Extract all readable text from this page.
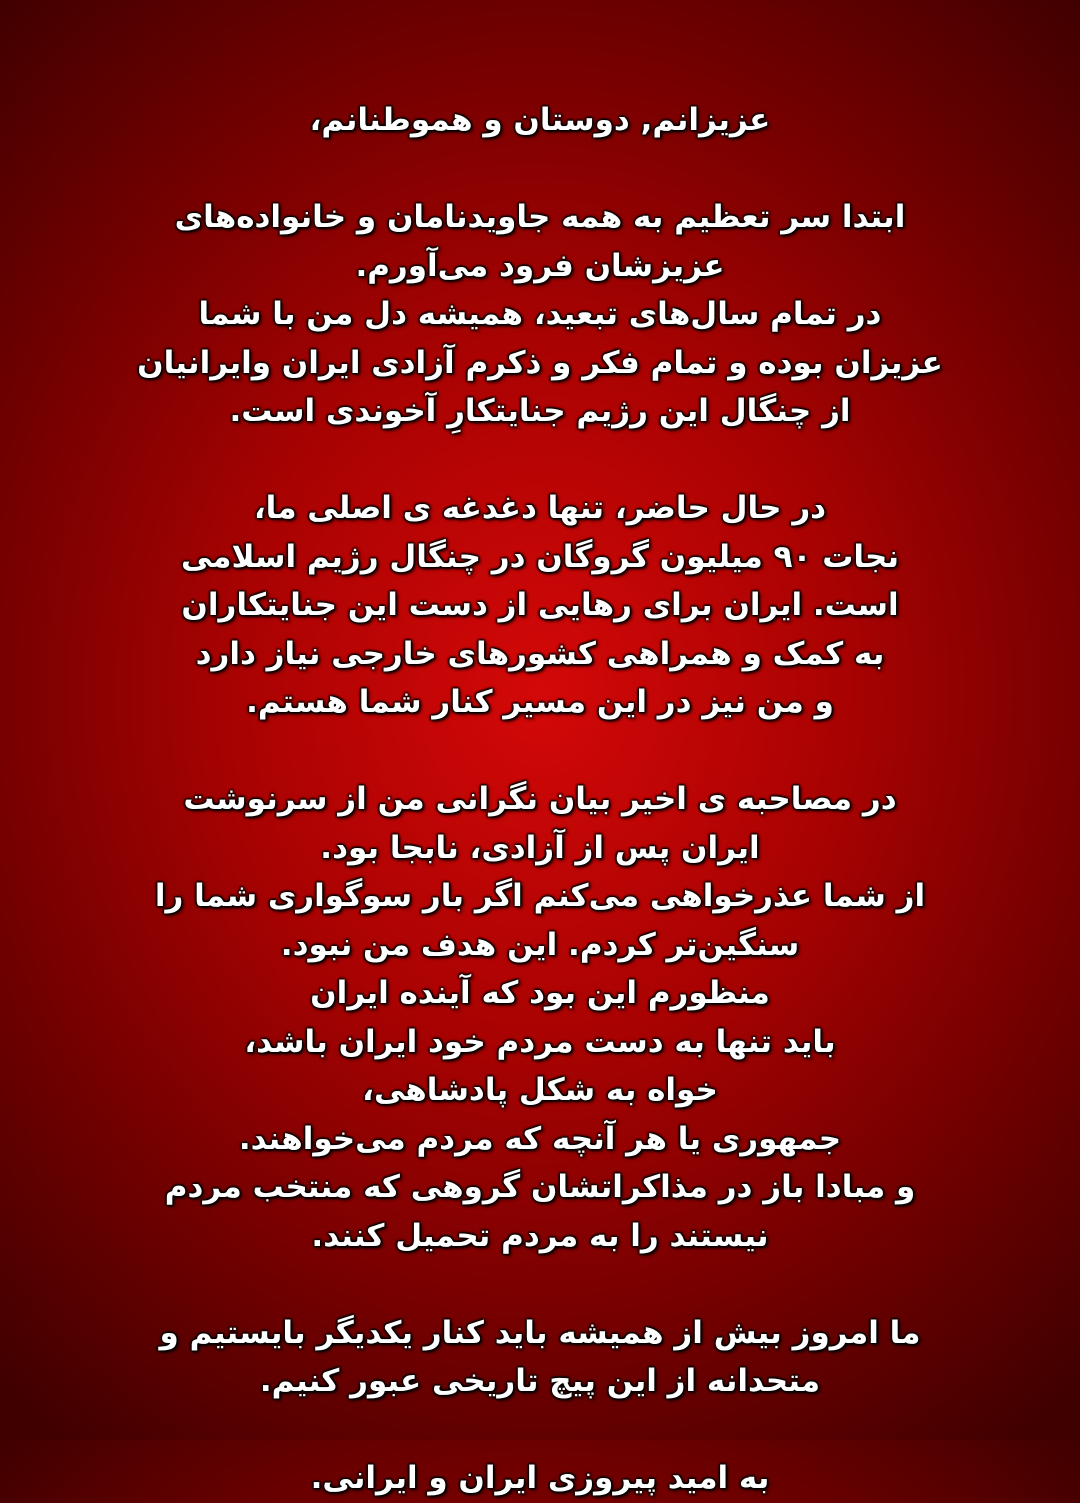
عزیزانم, دوستان و هموطنانم،
ابتدا سر تعظیم به همه جاویدنامان و خانواده‌های
عزیزشان فرود می‌آورم.
در تمام سال‌های تبعید، همیشه دل من با شما
عزیزان بوده و تمام فکر و ذکرم آزادی ایران وایرانیان
از چنگال این رژیم جنایتکارِ آخوندی است.
در حال حاضر، تنها دغدغه ی اصلی ما،
نجات ۹۰ میلیون گروگان در چنگال رژیم اسلامی
است. ایران برای رهایی از دست این جنایتکاران
به کمک و همراهی کشورهای خارجی نیاز دارد
و من نیز در این مسیر کنار شما هستم.
در مصاحبه ی اخیر بیان نگرانی من از سرنوشت
ایران پس از آزادی، نابجا بود.
از شما عذرخواهی می‌کنم اگر بار سوگواری شما را
سنگین‌تر کردم. این هدف من نبود.
منظورم این بود که آینده ایران
باید تنها به دست مردم خود ایران باشد،
خواه به شکل پادشاهی،
جمهوری یا هر آنچه که مردم می‌خواهند.
و مبادا باز در مذاکراتشان گروهی که منتخب مردم
نیستند را به مردم تحمیل کنند.
ما امروز بیش از همیشه باید کنار یکدیگر بایستیم و
متحدانه از این پیچ تاریخی عبور کنیم.
به امید پیروزی ایران و ایرانی.
